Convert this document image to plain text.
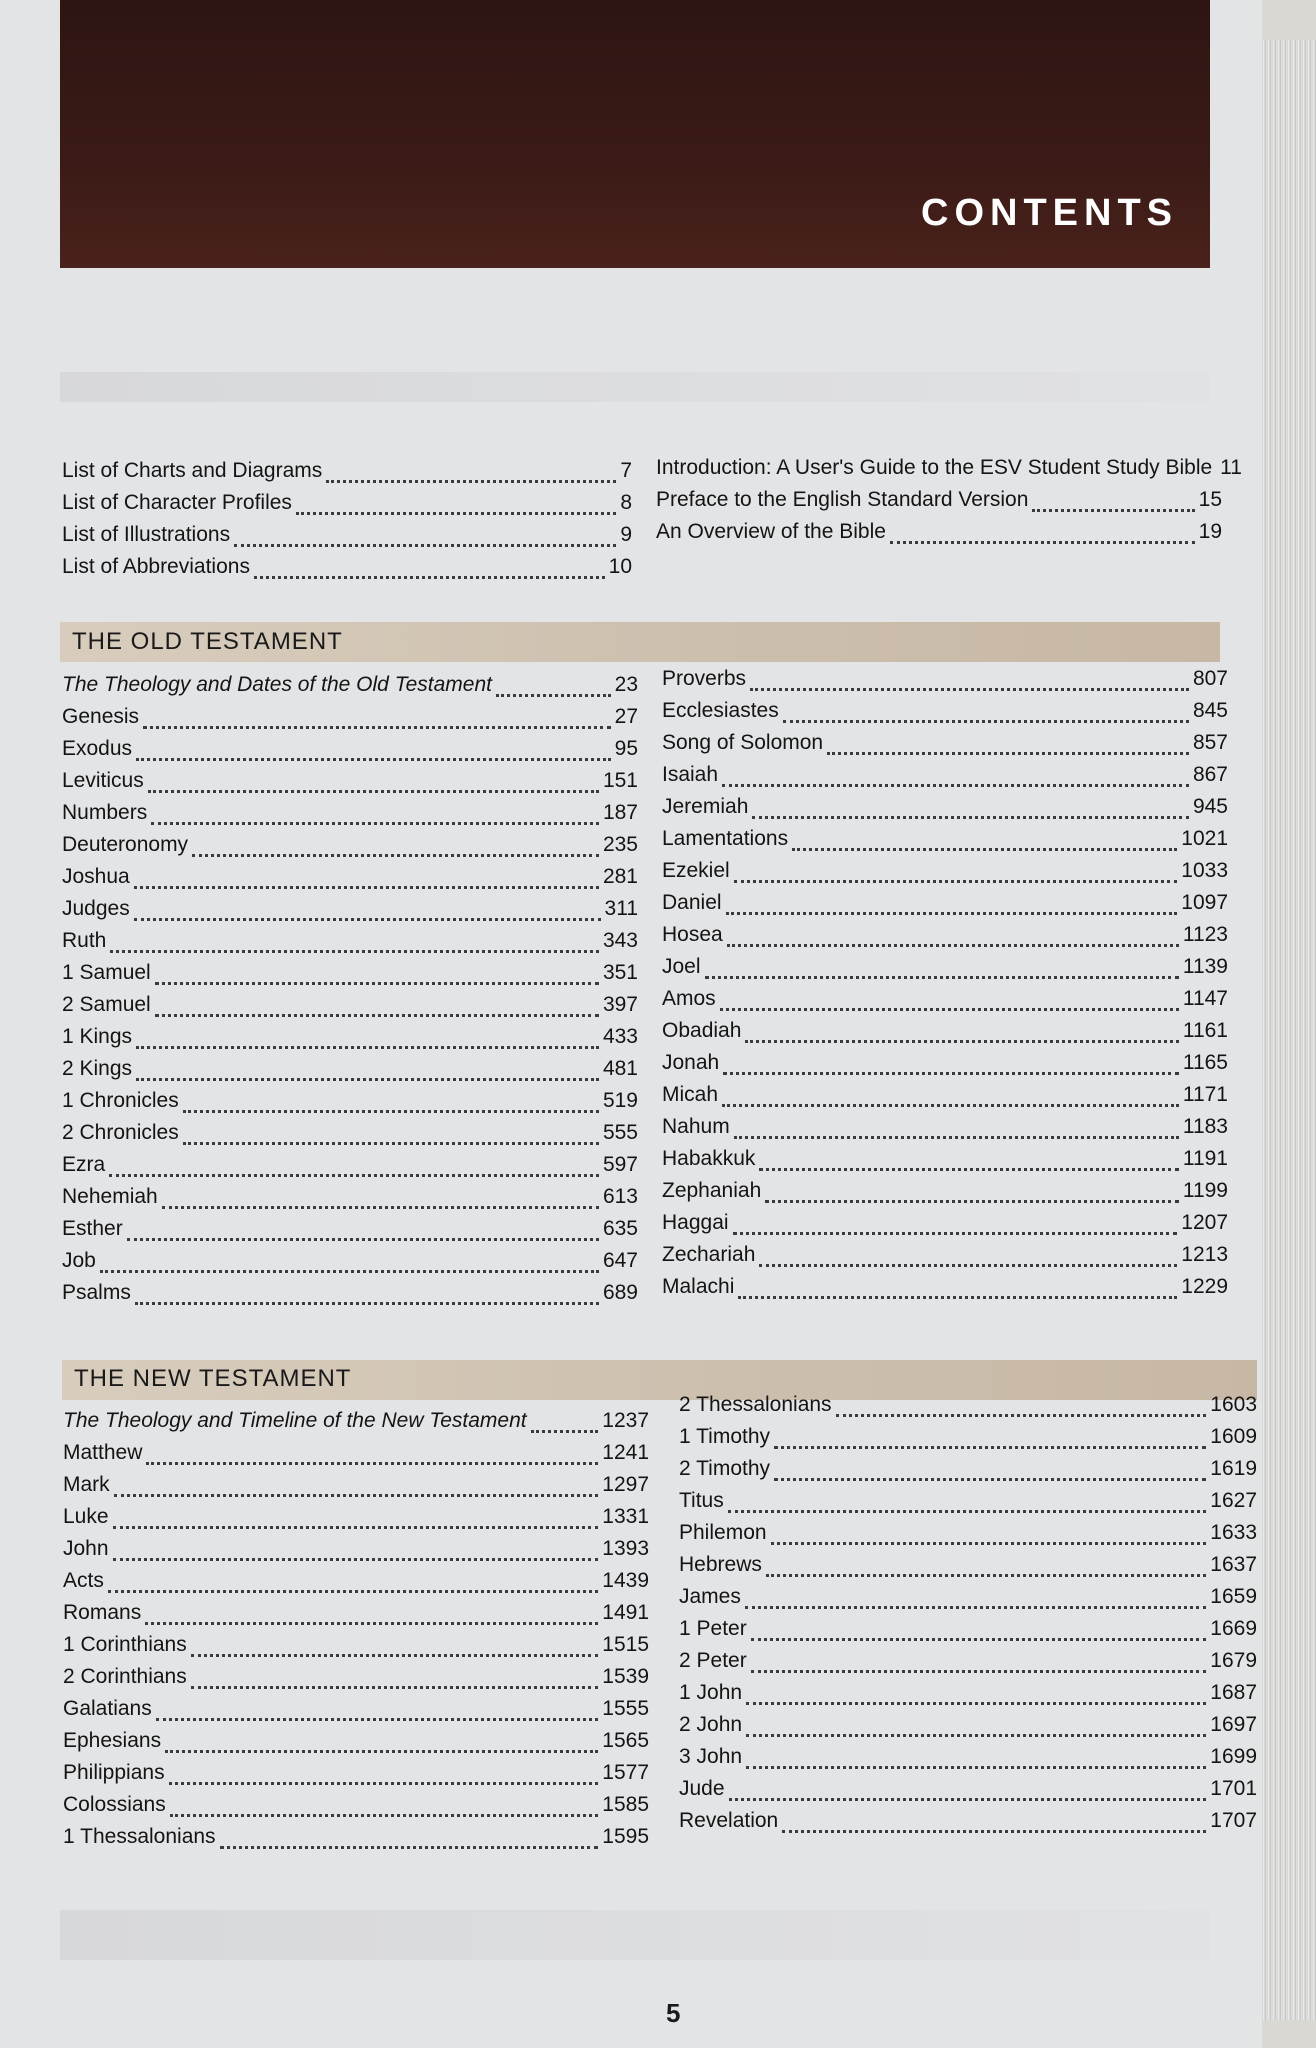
CONTENTS
List of Charts and Diagrams	7
List of Character Profiles	8
List of Illustrations	9
List of Abbreviations	10
Introduction: A User's Guide to the ESV Student Study Bible 11
Preface to the English Standard Version	15
An Overview of the Bible	19
THE OLD TESTAMENT
The Theology and Dates of the Old Testament	23
Genesis	27
Exodus	95
Leviticus	151
Numbers	187
Deuteronomy	235
Joshua	281
Judges	311
Ruth	343
1 Samuel	351
2 Samuel	397
1 Kings	433
2 Kings	481
1 Chronicles	519
2 Chronicles	555
Ezra	597
Nehemiah	613
Esther	635
Job	647
Psalms	689
Proverbs	807
Ecclesiastes	845
Song of Solomon	857
Isaiah	867
Jeremiah	945
Lamentations	1021
Ezekiel	1033
Daniel	1097
Hosea	1123
Joel	1139
Amos	1147
Obadiah	1161
Jonah	1165
Micah	1171
Nahum	1183
Habakkuk	1191
Zephaniah	1199
Haggai	1207
Zechariah	1213
Malachi	1229
THE NEW TESTAMENT
The Theology and Timeline of the New Testament	1237
Matthew	1241
Mark	1297
Luke	1331
John	1393
Acts	1439
Romans	1491
1 Corinthians	1515
2 Corinthians	1539
Galatians	1555
Ephesians	1565
Philippians	1577
Colossians	1585
1 Thessalonians	1595
2 Thessalonians	1603
1 Timothy	1609
2 Timothy	1619
Titus	1627
Philemon	1633
Hebrews	1637
James	1659
1 Peter	1669
2 Peter	1679
1 John	1687
2 John	1697
3 John	1699
Jude	1701
Revelation	1707
5
